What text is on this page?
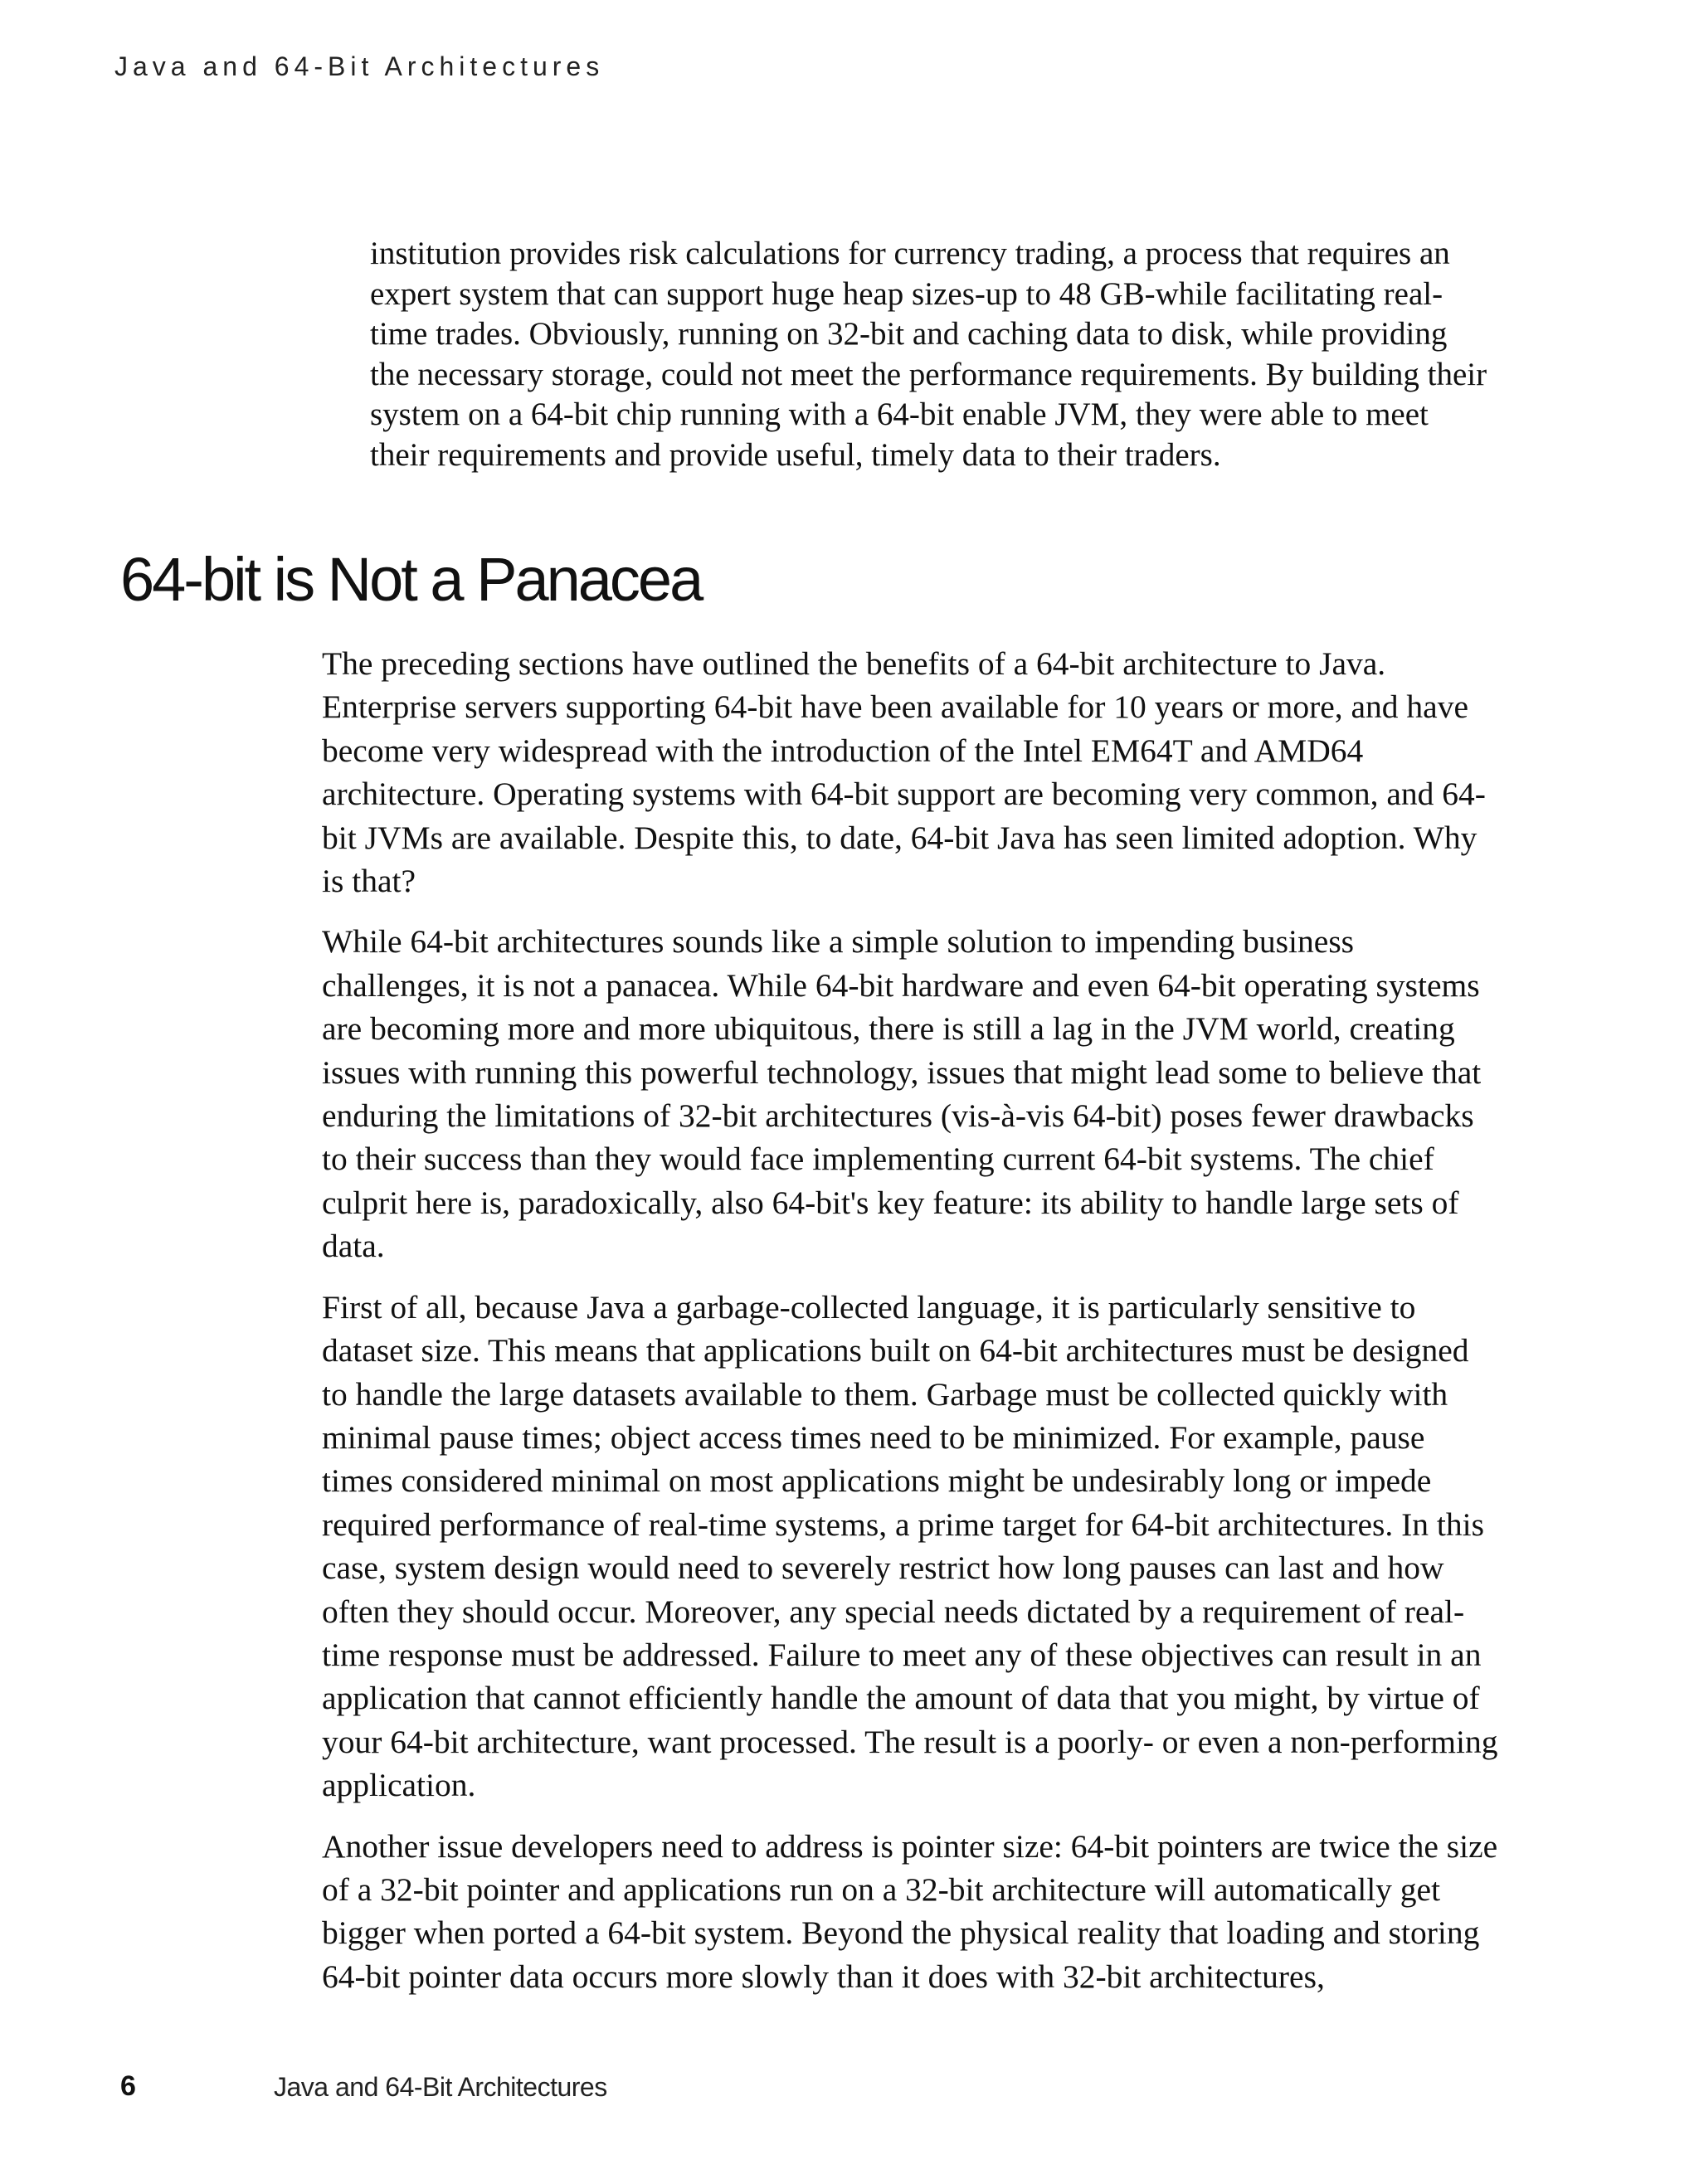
Java and 64-Bit Architectures
institution provides risk calculations for currency trading, a process that requires an expert system that can support huge heap sizes-up to 48 GB-while facilitating real-time trades. Obviously, running on 32-bit and caching data to disk, while providing the necessary storage, could not meet the performance requirements. By building their system on a 64-bit chip running with a 64-bit enable JVM, they were able to meet their requirements and provide useful, timely data to their traders.
64-bit is Not a Panacea

The preceding sections have outlined the benefits of a 64-bit architecture to Java. Enterprise servers supporting 64-bit have been available for 10 years or more, and have become very widespread with the introduction of the Intel EM64T and AMD64 architecture. Operating systems with 64-bit support are becoming very common, and 64-bit JVMs are available. Despite this, to date, 64-bit Java has seen limited adoption. Why is that?

While 64-bit architectures sounds like a simple solution to impending business challenges, it is not a panacea. While 64-bit hardware and even 64-bit operating systems are becoming more and more ubiquitous, there is still a lag in the JVM world, creating issues with running this powerful technology, issues that might lead some to believe that enduring the limitations of 32-bit architectures (vis-à-vis 64-bit) poses fewer drawbacks to their success than they would face implementing current 64-bit systems. The chief culprit here is, paradoxically, also 64-bit's key feature: its ability to handle large sets of data.

First of all, because Java a garbage-collected language, it is particularly sensitive to dataset size. This means that applications built on 64-bit architectures must be designed to handle the large datasets available to them. Garbage must be collected quickly with minimal pause times; object access times need to be minimized. For example, pause times considered minimal on most applications might be undesirably long or impede required performance of real-time systems, a prime target for 64-bit architectures. In this case, system design would need to severely restrict how long pauses can last and how often they should occur. Moreover, any special needs dictated by a requirement of real-time response must be addressed. Failure to meet any of these objectives can result in an application that cannot efficiently handle the amount of data that you might, by virtue of your 64-bit architecture, want processed. The result is a poorly- or even a non-performing application.

Another issue developers need to address is pointer size: 64-bit pointers are twice the size of a 32-bit pointer and applications run on a 32-bit architecture will automatically get bigger when ported a 64-bit system. Beyond the physical reality that loading and storing 64-bit pointer data occurs more slowly than it does with 32-bit architectures,

6	Java and 64-Bit Architectures
